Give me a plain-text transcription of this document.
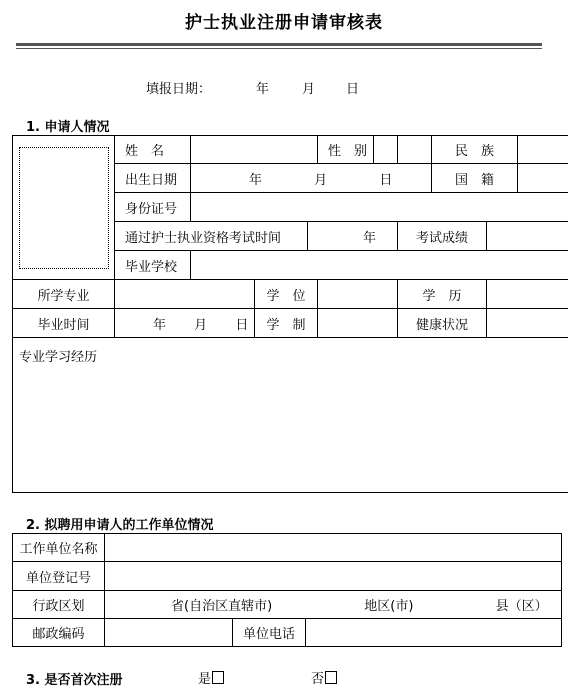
护士执业注册申请审核表
填报日期：	年	月 日
1. 申请人情况
	姓　名				性　别			民　族		
	出生日期	年 月 日						国　籍		
	身份证号									
	通过护士执业资格考试时间			年			考试成绩			
	毕业学校									
所学专业			学　位				学　历			
毕业时间	年 月 日		学　制				健康状况			
专业学习经历										
2. 拟聘用申请人的工作单位情况
工作单位名称			
单位登记号			
行政区划	省(自治区直辖市) 地区(市) 县（区）		
邮政编码		单位电话	
3. 是否首次注册	是	否
